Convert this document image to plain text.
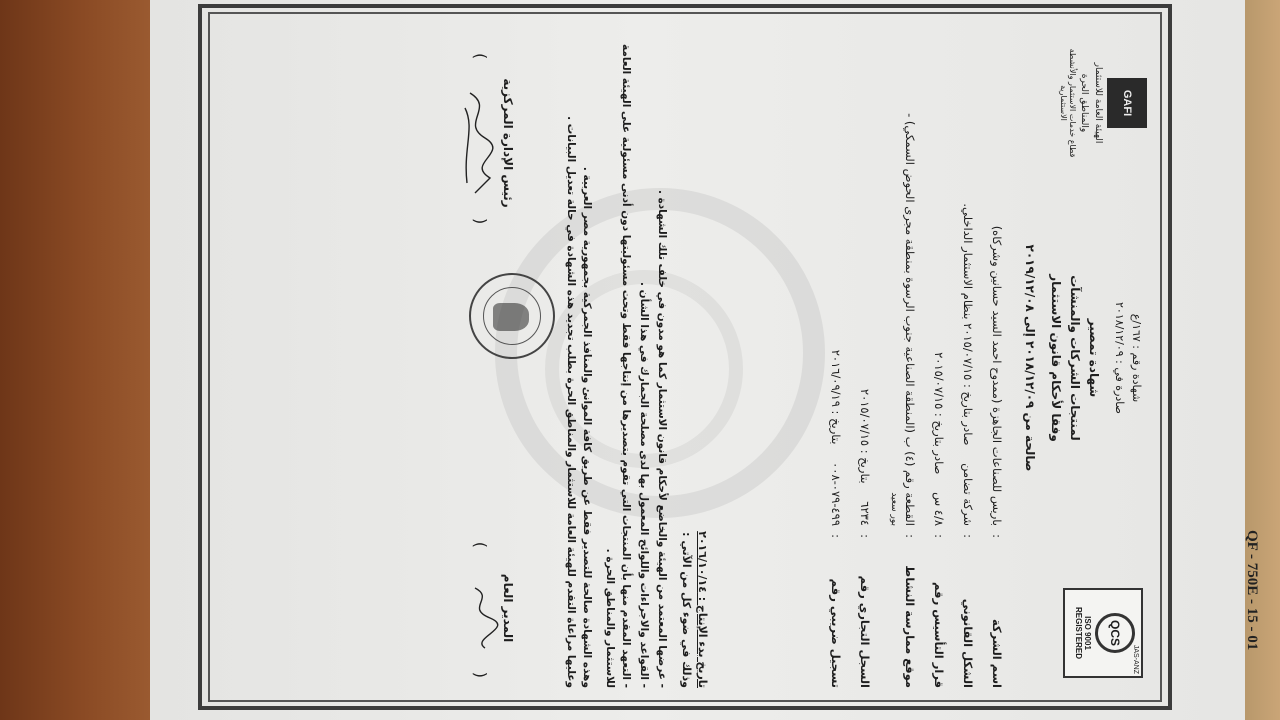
JAS-ANZ
QCS
ISO 9001 REGISTERED
GAFI
الهيئة العامة للاستثمار
والمناطق الحرة
قطاع خدمات الاستثمار والأنشطة الاستثمارية
شهادة رقم : ١٦٧/ع
صادرة في : ٢٠١٨/١٢/٠٩
شهادة تمصير
لمنتجات الشركات والمنشآت
وفقا لأحكام قانون الاستثمار
صالحة من ٢٠١٨/١٢/٠٩ إلى ٢٠١٩/١٢/٠٨
اسم الشركة
:
باريس للصناعات الجاهزة (ممدوح احمد السيد حسانين وشركاه)
الشكل القانوني
:
شركة تضامن صادر بتاريخ : ٢٠١٥/٠٧/١٥ بنظام الاستثمار الداخلي.
قرار التأسيس رقم
:
٤/٨ س صادر بتاريخ : ٢٠١٥/٠٧/١٥
موقع ممارسة النشاط
:
القطعة رقم (٤) ب (المنطقة الصناعية جنوب الرسوة بمنطقة مجرى الحوض السمكي) -
بور سعيد
السجل التجاري رقم
:
٦٢٣٤ بتاريخ : ٢٠١٥/٠٧/١٥
تسجيل ضريبي رقم
:
٤٩٩-٠٧٩-٠٠٨ بتاريخ : ٢٠١٦/٠٩/١٩
تاريخ بدء الإنتاج : ٢٠١٦/١٠/١٤
وذلك في ضوء كل من الآتي :
- عرضها المعتمد من الهيئة والخاضع لأحكام قانون الاستثمار كما هو مدون في خلف تلك الشهادة .
- القواعد والاجراءات واللوائح المعمول بها لدى مصلحة الجمارك في هذا الشأن .
- التعهد المقدم منها بأن المنتجات التي تقوم بتصديرها من إنتاجها فقط وتحت مسئوليتها دون أدنى مسئولية على الهيئة العامة للاستثمار والمناطق الحرة .
وهذه الشهادة صالحة للتصدير فقط عن طريق كافة الموانئ والمنافذ الجمركية بجمهورية مصر العربية .
وعليها مراعاة التقدم للهيئة العامة للاستثمار والمناطق الحرة بطلب تجديد هذه الشهادة في حالة تعديل البيانات .
المدير العام
رئيس الإدارة المركزية
(
)
(
)
QF - 750E - 15 - 01
